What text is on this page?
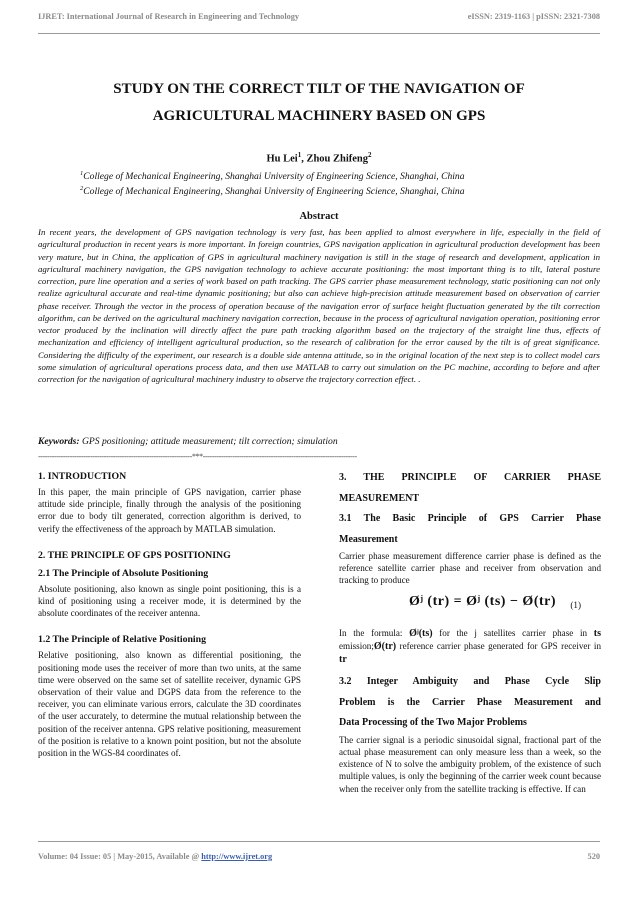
IJRET: International Journal of Research in Engineering and Technology	eISSN: 2319-1163 | pISSN: 2321-7308
STUDY ON THE CORRECT TILT OF THE NAVIGATION OF
AGRICULTURAL MACHINERY BASED ON GPS
Hu Lei$^1$, Zhou Zhifeng$^2$
$^1$College of Mechanical Engineering, Shanghai University of Engineering Science, Shanghai, China
$^2$College of Mechanical Engineering, Shanghai University of Engineering Science, Shanghai, China
Abstract
In recent years, the development of GPS navigation technology is very fast, has been applied to almost everywhere in life, especially in the field of agricultural production in recent years is more important. In foreign countries, GPS navigation application in agricultural production development has been very mature, but in China, the application of GPS in agricultural machinery navigation is still in the stage of research and development, application in agricultural machinery navigation, the GPS navigation technology to achieve accurate positioning: the most important thing is to tilt, lateral posture correction, pure line operation and a series of work based on path tracking. The GPS carrier phase measurement technology, static positioning can not only realize agricultural accurate and real-time dynamic positioning; but also can achieve high-precision attitude measurement based on observation of carrier phase receiver. Through the vector in the process of operation because of the navigation error of surface height fluctuation generated by the tilt correction algorithm, can be derived on the agricultural machinery navigation correction, because in the process of agricultural navigation operation, positioning error vector produced by the inclination will directly affect the pure path tracking algorithm based on the trajectory of the straight line thus, effects of mechanization and efficiency of intelligent agricultural production, so the research of calibration for the error caused by the tilt is of great significance. Considering the difficulty of the experiment, our research is a double side antenna attitude, so in the original location of the next step is to collect model cars some simulation of agricultural operations process data, and then use MATLAB to carry out simulation on the PC machine, according to before and after correction for the navigation of agricultural machinery industry to observe the trajectory correction effect. .
Keywords: GPS positioning; attitude measurement; tilt correction; simulation
--------------------------------------------------------------------***--------------------------------------------------------------------
1. INTRODUCTION

In this paper, the main principle of GPS navigation, carrier phase attitude side principle, finally through the analysis of the positioning error due to body tilt generated, correction algorithm is derived, to verify the effectiveness of the approach by MATLAB simulation.

2. THE PRINCIPLE OF GPS POSITIONING
2.1 The Principle of Absolute Positioning

Absolute positioning, also known as single point positioning, this is a kind of positioning using a receiver mode, it is determined by the absolute coordinates of the receiver antenna.

1.2 The Principle of Relative Positioning

Relative positioning, also known as differential positioning, the positioning mode uses the receiver of more than two units, at the same time were observed on the same set of satellite receiver, dynamic GPS observation of their value and DGPS data from the reference to the receiver, you can eliminate various errors, calculate the 3D coordinates of the user accurately, to determine the mutual relationship between the position of the receiver antenna. GPS relative positioning, measurement of the position is relative to a known point position, but not the absolute position in the WGS-84 coordinates of.

3. THE PRINCIPLE OF CARRIER PHASE
MEASUREMENT
3.1 The Basic Principle of GPS Carrier Phase
Measurement

Carrier phase measurement difference carrier phase is defined as the reference satellite carrier phase and receiver from observation and tracking to produce

Øʲ (tr) = Øʲ (ts) − Ø(tr) (1)

In the formula: Øʲ(ts) for the j satellites carrier phase in ts emission;Ø(tr) reference carrier phase generated for GPS receiver in tr

3.2 Integer Ambiguity and Phase Cycle Slip
Problem is the Carrier Phase Measurement and
Data Processing of the Two Major Problems

The carrier signal is a periodic sinusoidal signal, fractional part of the actual phase measurement can only measure less than a week, so the existence of N to solve the ambiguity problem, of the existence of such multiple values, is only the beginning of the carrier week count because when the receiver only from the satellite tracking is effective. If can

Volume: 04 Issue: 05 | May-2015, Available @ http://www.ijret.org	520
